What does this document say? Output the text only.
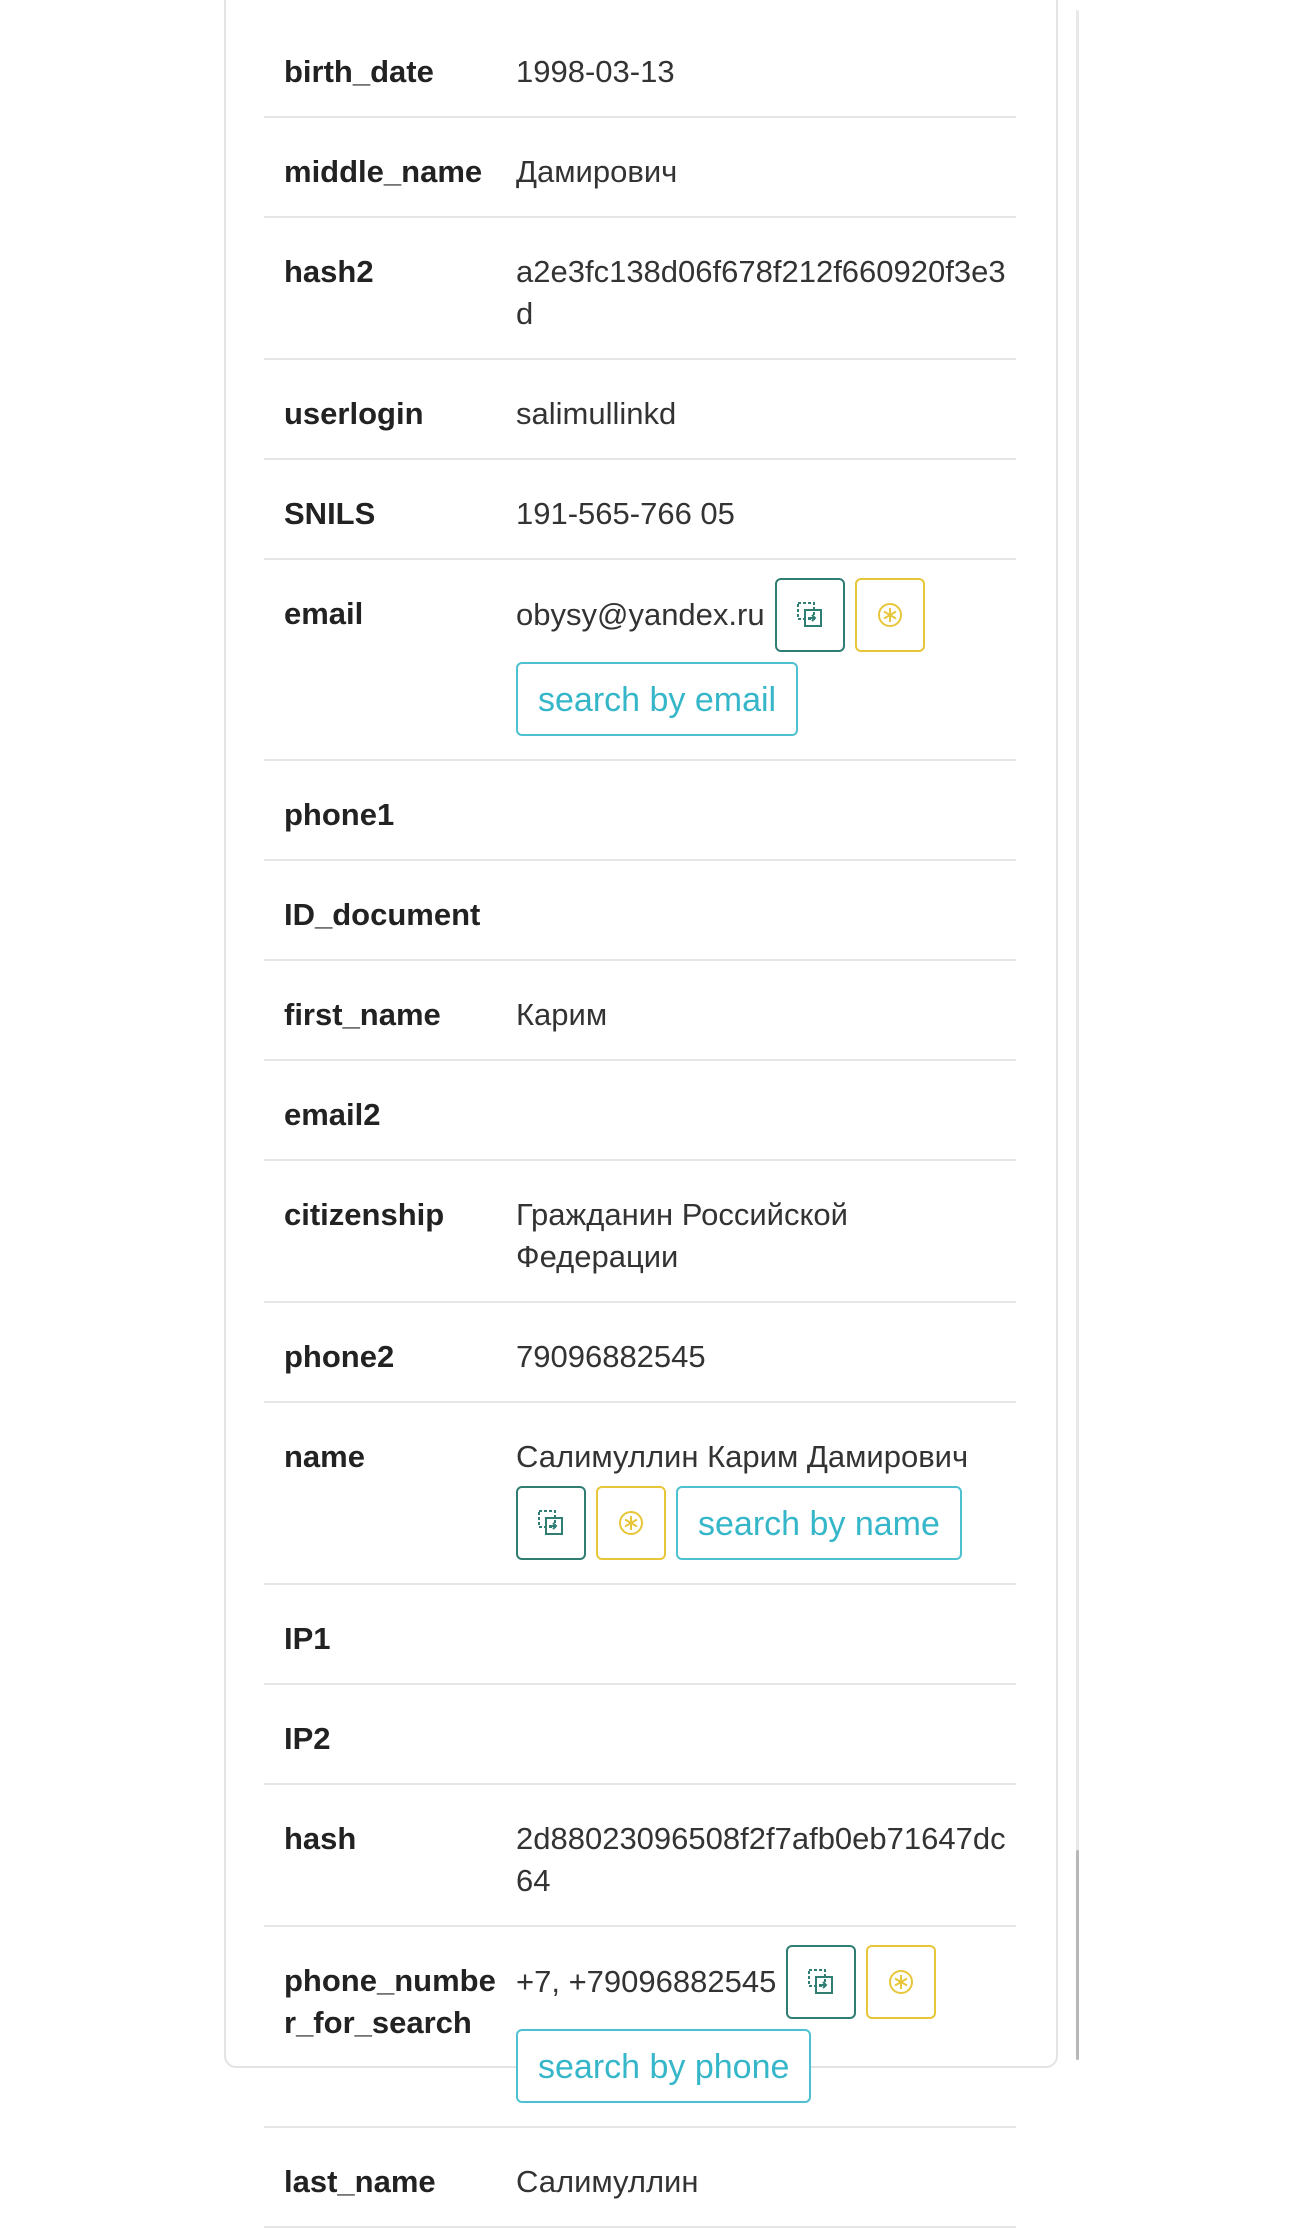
birth_date	1998-03-13
middle_name	Дамирович
hash2	a2e3fc138d06f678f212f660920f3e3d
userlogin	salimullinkd
SNILS	191-565-766 05
email	obysy@yandex.ru
search by email
phone1	
ID_document	
first_name	Карим
email2	
citizenship	Гражданин Российской Федерации
phone2	79096882545
name	Салимуллин Карим Дамирович
search by name

IP1	
IP2	
hash	2d88023096508f2f7afb0eb71647dc64
phone_number_for_search	+7, +79096882545
search by phone
last_name	Салимуллин
